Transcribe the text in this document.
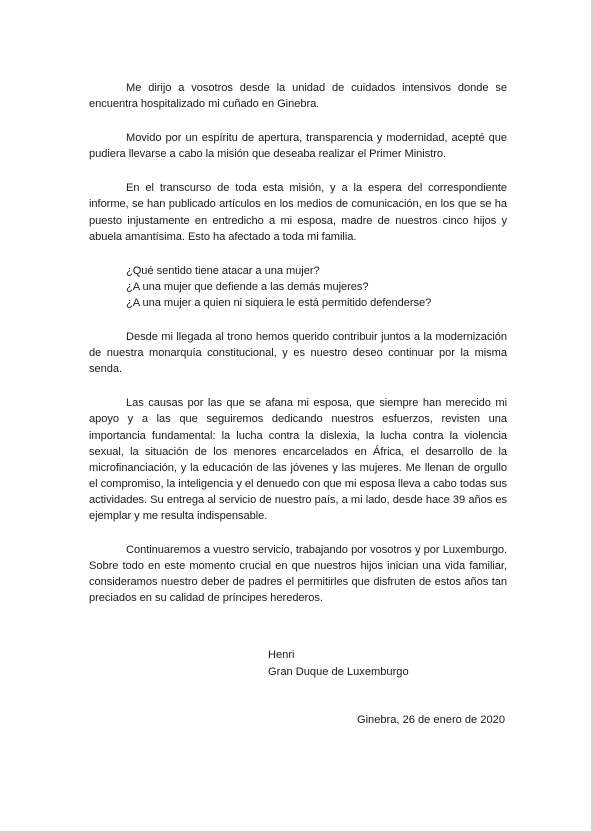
Me dirijo a vosotros desde la unidad de cuidados intensivos donde se encuentra hospitalizado mi cuñado en Ginebra.

Movido por un espíritu de apertura, transparencia y modernidad, acepté que pudiera llevarse a cabo la misión que deseaba realizar el Primer Ministro.

En el transcurso de toda esta misión, y a la espera del correspondiente informe, se han publicado artículos en los medios de comunicación, en los que se ha puesto injustamente en entredicho a mi esposa, madre de nuestros cinco hijos y abuela amantísima. Esto ha afectado a toda mi familia.

¿Qué sentido tiene atacar a una mujer?
¿A una mujer que defiende a las demás mujeres?
¿A una mujer a quien ni siquiera le está permitido defenderse?

Desde mi llegada al trono hemos querido contribuir juntos a la modernización de nuestra monarquía constitucional, y es nuestro deseo continuar por la misma senda.

Las causas por las que se afana mi esposa, que siempre han merecido mi apoyo y a las que seguiremos dedicando nuestros esfuerzos, revisten una importancia fundamental: la lucha contra la dislexia, la lucha contra la violencia sexual, la situación de los menores encarcelados en África, el desarrollo de la microfinanciación, y la educación de las jóvenes y las mujeres. Me llenan de orgullo el compromiso, la inteligencia y el denuedo con que mi esposa lleva a cabo todas sus actividades. Su entrega al servicio de nuestro país, a mi lado, desde hace 39 años es ejemplar y me resulta indispensable.

Continuaremos a vuestro servicio, trabajando por vosotros y por Luxemburgo. Sobre todo en este momento crucial en que nuestros hijos inician una vida familiar, consideramos nuestro deber de padres el permitirles que disfruten de estos años tan preciados en su calidad de príncipes herederos.

Henri
Gran Duque de Luxemburgo
Ginebra, 26 de enero de 2020
